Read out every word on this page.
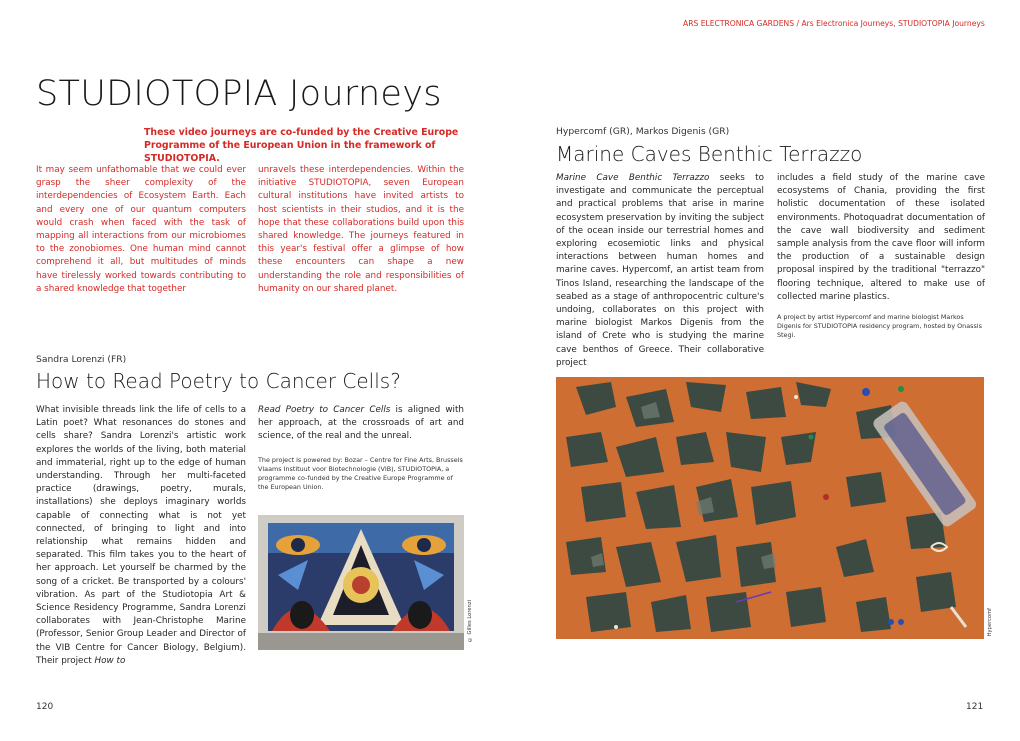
ARS ELECTRONICA GARDENS / Ars Electronica Journeys, STUDIOTOPIA Journeys
STUDIOTOPIA Journeys
These video journeys are co-funded by the Creative Europe Programme of the European Union in the framework of STUDIOTOPIA.
It may seem unfathomable that we could ever grasp the sheer complexity of the interdependencies of Ecosystem Earth. Each and every one of our quantum computers would crash when faced with the task of mapping all interactions from our microbiomes to the zonobiomes. One human mind cannot comprehend it all, but multitudes of minds have tirelessly worked towards contributing to a shared knowledge that together
unravels these interdependencies. Within the initiative STUDIOTOPIA, seven European cultural institutions have invited artists to host scientists in their studios, and it is the hope that these collaborations build upon this shared knowledge. The journeys featured in this year's festival offer a glimpse of how these encounters can shape a new understanding the role and responsibilities of humanity on our shared planet.
Sandra Lorenzi (FR)
How to Read Poetry to Cancer Cells?
What invisible threads link the life of cells to a Latin poet? What resonances do stones and cells share? Sandra Lorenzi's artistic work explores the worlds of the living, both material and immaterial, right up to the edge of human understanding. Through her multi-faceted practice (drawings, poetry, murals, installations) she deploys imaginary worlds capable of connecting what is not yet connected, of bringing to light and into relationship what remains hidden and separated. This film takes you to the heart of her approach. Let yourself be charmed by the song of a cricket. Be transported by a colours' vibration. As part of the Studiotopia Art & Science Residency Programme, Sandra Lorenzi collaborates with Jean-Christophe Marine (Professor, Senior Group Leader and Director of the VIB Centre for Cancer Biology, Belgium). Their project How to
Read Poetry to Cancer Cells is aligned with her approach, at the crossroads of art and science, of the real and the unreal.
The project is powered by: Bozar – Centre for Fine Arts, Brussels Vlaams Instituut voor Biotechnologie (VIB), STUDIOTOPIA, a programme co-funded by the Creative Europe Programme of the European Union.
© Gilles Lorenzi
120
Hypercomf (GR), Markos Digenis (GR)
Marine Caves Benthic Terrazzo
Marine Cave Benthic Terrazzo seeks to investigate and communicate the perceptual and practical problems that arise in marine ecosystem preservation by inviting the subject of the ocean inside our terrestrial homes and exploring ecosemiotic links and physical interactions between human homes and marine caves. Hypercomf, an artist team from Tinos Island, researching the landscape of the seabed as a stage of anthropocentric culture's undoing, collaborates on this project with marine biologist Markos Digenis from the island of Crete who is studying the marine cave benthos of Greece. Their collaborative project
includes a field study of the marine cave ecosystems of Chania, providing the first holistic documentation of these isolated environments. Photoquadrat documentation of the cave wall biodiversity and sediment sample analysis from the cave floor will inform the production of a sustainable design proposal inspired by the traditional "terrazzo" flooring technique, altered to make use of collected marine plastics.
A project by artist Hypercomf and marine biologist Markos Digenis for STUDIOTOPIA residency program, hosted by Onassis Stegi.
Hypercomf
121
